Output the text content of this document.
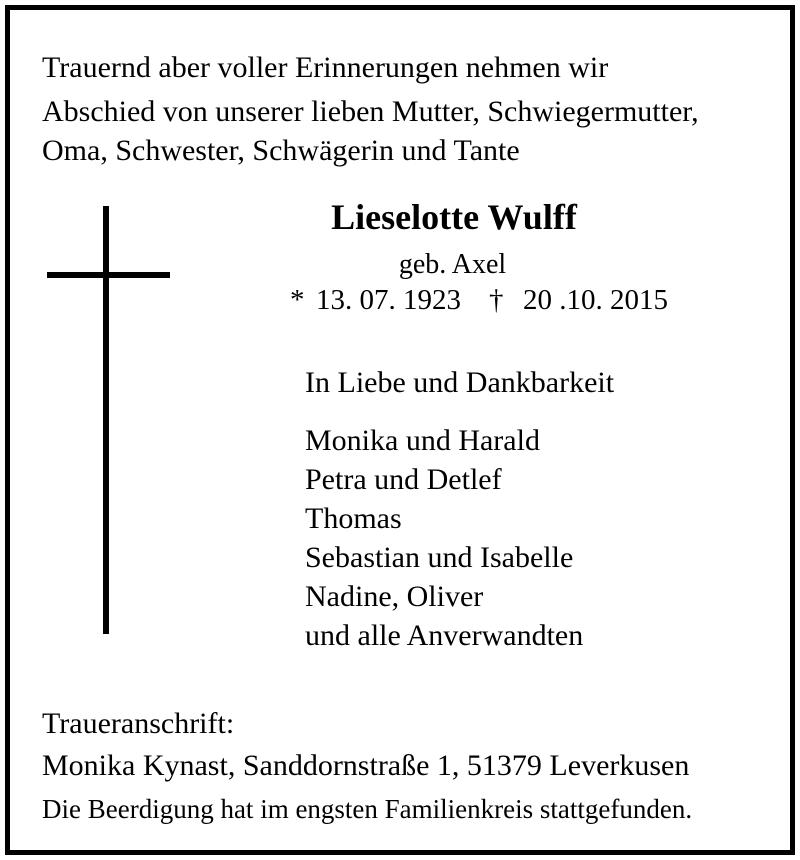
Trauernd aber voller Erinnerungen nehmen wir
Abschied von unserer lieben Mutter, Schwiegermutter,
Oma, Schwester, Schwägerin und Tante
Lieselotte Wulff
geb. Axel
* 13. 07. 1923 † 20 .10. 2015
In Liebe und Dankbarkeit
Monika und Harald
Petra und Detlef
Thomas
Sebastian und Isabelle
Nadine, Oliver
und alle Anverwandten
Traueranschrift:
Monika Kynast, Sanddornstraße 1, 51379 Leverkusen
Die Beerdigung hat im engsten Familienkreis stattgefunden.
